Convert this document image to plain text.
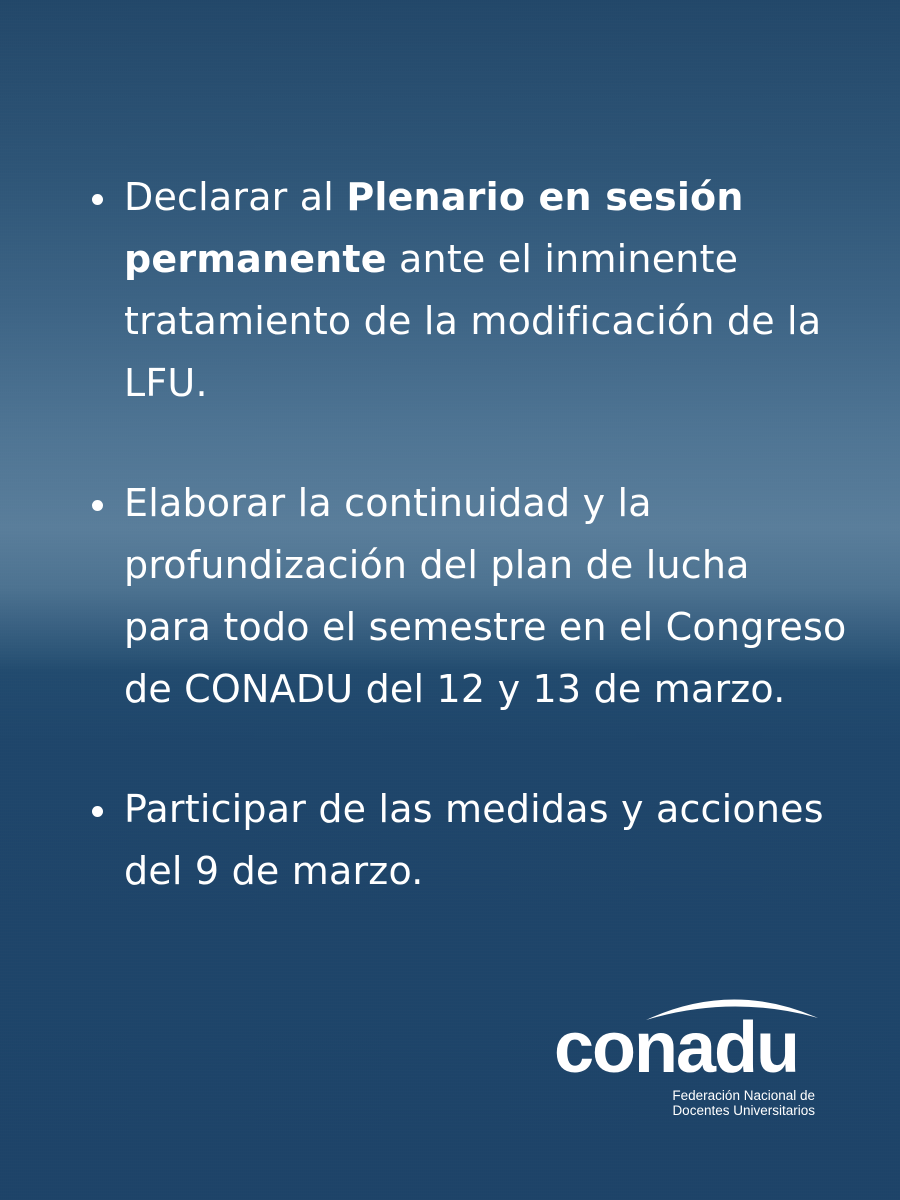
Declarar al Plenario en sesión permanente ante el inminente tratamiento de la modificación de la LFU.
Elaborar la continuidad y la profundización del plan de lucha para todo el semestre en el Congreso de CONADU del 12 y 13 de marzo.
Participar de las medidas y acciones del 9 de marzo.
conadu
Federación Nacional de
Docentes Universitarios
